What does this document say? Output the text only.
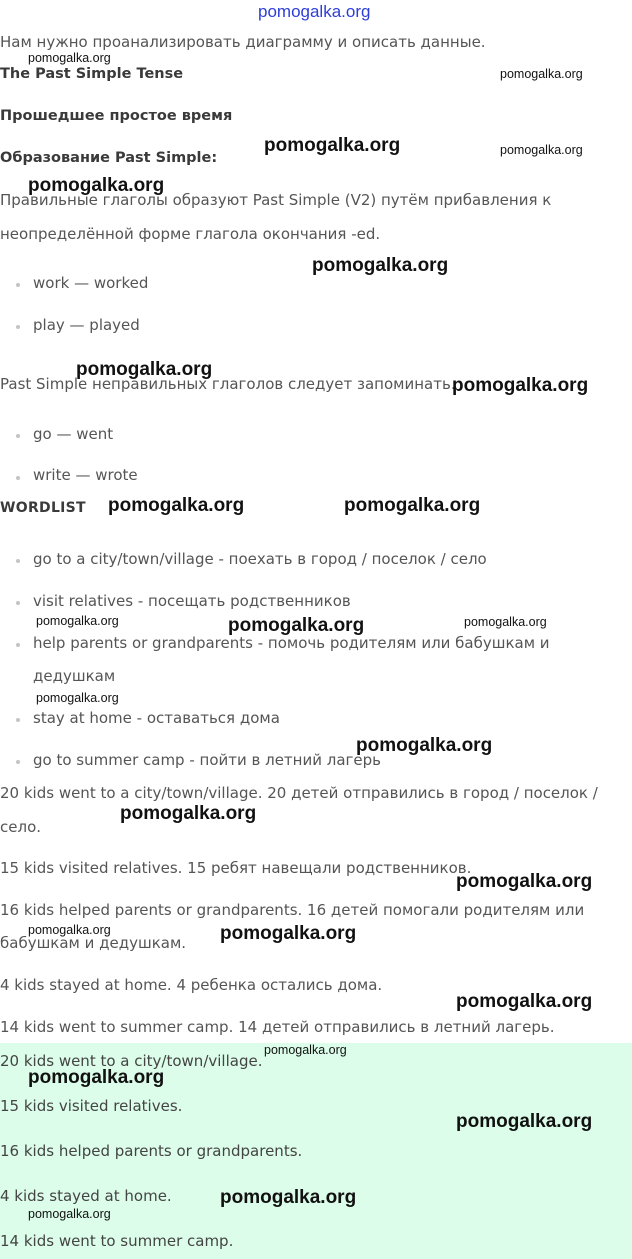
pomogalka.org
Нам нужно проанализировать диаграмму и описать данные.
The Past Simple Tense
Прошедшее простое время
Образование Past Simple:
Правильные глаголы образуют Past Simple (V2) путём прибавления к
неопределённой форме глагола окончания -ed.
work — worked
play — played
Past Simple неправильных глаголов следует запоминать.
go — went
write — wrote
WORDLIST
go to a city/town/village - поехать в город / поселок / село
visit relatives - посещать родственников
help parents or grandparents - помочь родителям или бабушкам и
дедушкам
stay at home - оставаться дома
go to summer camp - пойти в летний лагерь
20 kids went to a city/town/village. 20 детей отправились в город / поселок /
село.
15 kids visited relatives. 15 ребят навещали родственников.
16 kids helped parents or grandparents. 16 детей помогали родителям или
бабушкам и дедушкам.
4 kids stayed at home. 4 ребенка остались дома.
14 kids went to summer camp. 14 детей отправились в летний лагерь.
20 kids went to a city/town/village.
15 kids visited relatives.
16 kids helped parents or grandparents.
4 kids stayed at home.
14 kids went to summer camp.
pomogalka.org
pomogalka.org
pomogalka.org	pomogalka.org
pomogalka.org
pomogalka.org
pomogalka.org
pomogalka.org
pomogalka.org	pomogalka.org
pomogalka.org	pomogalka.org	pomogalka.org
pomogalka.org
pomogalka.org
pomogalka.org
pomogalka.org
pomogalka.org	pomogalka.org
pomogalka.org
pomogalka.org
pomogalka.org
pomogalka.org
pomogalka.org
pomogalka.org
